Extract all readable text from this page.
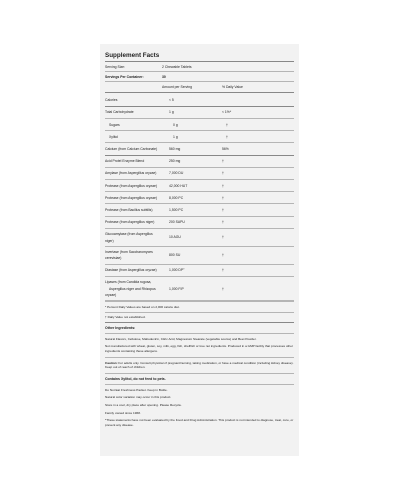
Supplement Facts
Serving Size:	2 Chewable Tablets
Servings Per Container:	30
Amount per Serving	% Daily Value
Calories	< 5
Total Carbohydrate	1 g	< 1%*
Sugars	0 g	†
Xylitol	1 g	†
Calcium (from Calcium Carbonate)	560 mg	56%
Acid Protel Enzyme Blend	250 mg	†
Amylase (from Aspergillus oryzae)	7,000 DU	†
Protease (from Aspergillus oryzae)	42,000 HUT	†
Protease (from Aspergillus oryzae)	8,000 PC	†
Protease (from Bacillus subtilis)	1,500 PC	†
Protease (from Aspergillus niger)	200 SAPU	†
Glucoamylase (from Aspergillus
niger)
10 AGU	†
Invertase (from Saccharomyces
cerevisiae)
800 SU	†
Diastase (from Aspergillus oryzae)	1,000 DP°	†
Lipases (from Candida rugosa,
Aspergillus niger and Rhizopus
oryzae)
1,000 FIP	†
* Percent Daily Values are based on 2,000 calorie diet.
† Daily Value not established.
Other Ingredients:

Natural Flavors, Cellulose, Maltodextrin, Citric Acid, Magnesium Stearate (vegetable source) and Beet Powder.

Not manufactured with wheat, gluten, soy, milk, egg, fish, shellfish or tree nut ingredients. Produced in a GMP facility that processes other ingredients containing these allergens.

Caution: For adults only. Consult physician if pregnant/nursing, taking medication, or have a medical condition (including kidney disease). Keep out of reach of children.

Contains Xylitol, do not feed to pets.

Do Not Eat Freshness Packet. Keep in Bottle.

Natural color variation may occur in this product.

Store in a cool, dry place after opening. Please Recycle.

Family owned since 1968.

*These statements have not been evaluated by the Food and Drug Administration. This product is not intended to diagnose, treat, cure, or prevent any disease.
